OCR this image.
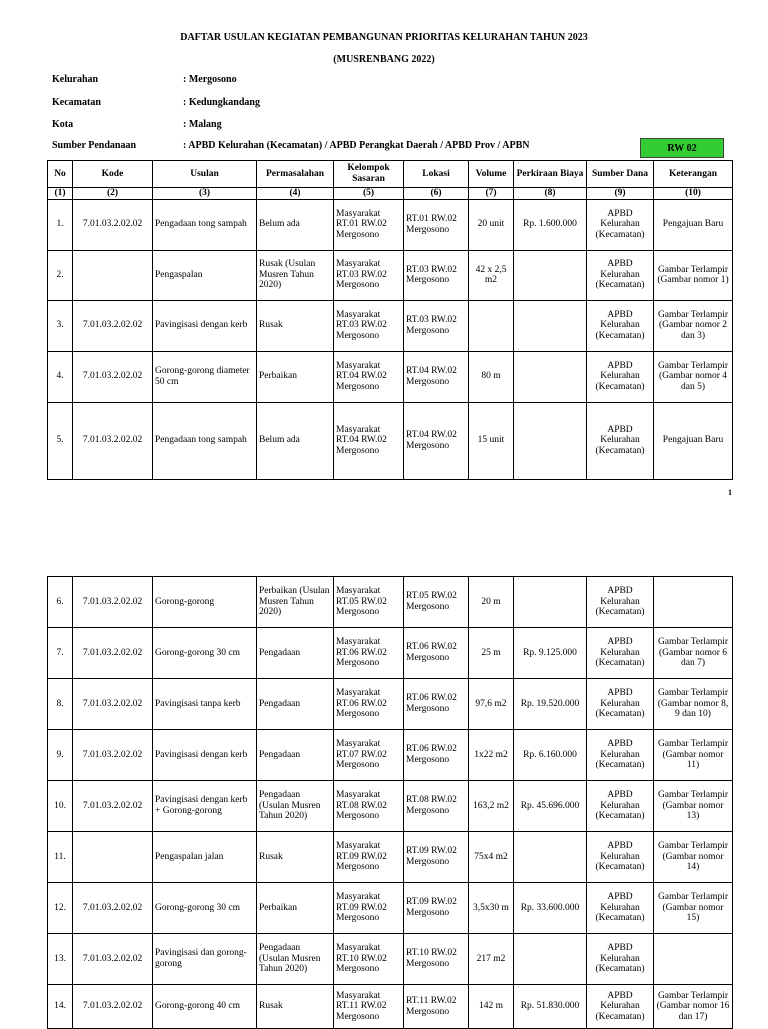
DAFTAR USULAN KEGIATAN PEMBANGUNAN PRIORITAS KELURAHAN TAHUN 2023
(MUSRENBANG 2022)
Kelurahan	: Mergosono
Kecamatan	: Kedungkandang
Kota	: Malang
Sumber Pendanaan	: APBD Kelurahan (Kecamatan) / APBD Perangkat Daerah / APBD Prov / APBN	RW 02
No	Kode	Usulan	Permasalahan	Kelompok Sasaran	Lokasi	Volume	Perkiraan Biaya	Sumber Dana	Keterangan
(1)	(2)	(3)	(4)	(5)	(6)	(7)	(8)	(9)	(10)
1.	7.01.03.2.02.02	Pengadaan tong sampah	Belum ada	Masyarakat RT.01 RW.02 Mergosono	RT.01 RW.02 Mergosono	20 unit	Rp. 1.600.000	APBD Kelurahan (Kecamatan)	Pengajuan Baru
2.		Pengaspalan	Rusak (Usulan Musren Tahun 2020)	Masyarakat RT.03 RW.02 Mergosono	RT.03 RW.02 Mergosono	42 x 2,5 m2		APBD Kelurahan (Kecamatan)	Gambar Terlampir (Gambar nomor 1)
3.	7.01.03.2.02.02	Pavingisasi dengan kerb	Rusak	Masyarakat RT.03 RW.02 Mergosono	RT.03 RW.02 Mergosono			APBD Kelurahan (Kecamatan)	Gambar Terlampir (Gambar nomor 2 dan 3)
4.	7.01.03.2.02.02	Gorong-gorong diameter 50 cm	Perbaikan	Masyarakat RT.04 RW.02 Mergosono	RT.04 RW.02 Mergosono	80 m		APBD Kelurahan (Kecamatan)	Gambar Terlampir (Gambar nomor 4 dan 5)
5.	7.01.03.2.02.02	Pengadaan tong sampah	Belum ada	Masyarakat RT.04 RW.02 Mergosono	RT.04 RW.02 Mergosono	15 unit		APBD Kelurahan (Kecamatan)	Pengajuan Baru
1
6.	7.01.03.2.02.02	Gorong-gorong	Perbaikan (Usulan Musren Tahun 2020)	Masyarakat RT.05 RW.02 Mergosono	RT.05 RW.02 Mergosono	20 m		APBD Kelurahan (Kecamatan)	
7.	7.01.03.2.02.02	Gorong-gorong 30 cm	Pengadaan	Masyarakat RT.06 RW.02 Mergosono	RT.06 RW.02 Mergosono	25 m	Rp. 9.125.000	APBD Kelurahan (Kecamatan)	Gambar Terlampir (Gambar nomor 6 dan 7)
8.	7.01.03.2.02.02	Pavingisasi tanpa kerb	Pengadaan	Masyarakat RT.06 RW.02 Mergosono	RT.06 RW.02 Mergosono	97,6 m2	Rp. 19.520.000	APBD Kelurahan (Kecamatan)	Gambar Terlampir (Gambar nomor 8, 9 dan 10)
9.	7.01.03.2.02.02	Pavingisasi dengan kerb	Pengadaan	Masyarakat RT.07 RW.02 Mergosono	RT.06 RW.02 Mergosono	1x22 m2	Rp. 6.160.000	APBD Kelurahan (Kecamatan)	Gambar Terlampir (Gambar nomor 11)
10.	7.01.03.2.02.02	Pavingisasi dengan kerb + Gorong-gorong	Pengadaan (Usulan Musren Tahun 2020)	Masyarakat RT.08 RW.02 Mergosono	RT.08 RW.02 Mergosono	163,2 m2	Rp. 45.696.000	APBD Kelurahan (Kecamatan)	Gambar Terlampir (Gambar nomor 13)
11.		Pengaspalan jalan	Rusak	Masyarakat RT.09 RW.02 Mergosono	RT.09 RW.02 Mergosono	75x4 m2		APBD Kelurahan (Kecamatan)	Gambar Terlampir (Gambar nomor 14)
12.	7.01.03.2.02.02	Gorong-gorong 30 cm	Perbaikan	Masyarakat RT.09 RW.02 Mergosono	RT.09 RW.02 Mergosono	3,5x30 m	Rp. 33.600.000	APBD Kelurahan (Kecamatan)	Gambar Terlampir (Gambar nomor 15)
13.	7.01.03.2.02.02	Pavingisasi dan gorong-gorong	Pengadaan (Usulan Musren Tahun 2020)	Masyarakat RT.10 RW.02 Mergosono	RT.10 RW.02 Mergosono	217 m2		APBD Kelurahan (Kecamatan)	
14.	7.01.03.2.02.02	Gorong-gorong 40 cm	Rusak	Masyarakat RT.11 RW.02 Mergosono	RT.11 RW.02 Mergosono	142 m	Rp. 51.830.000	APBD Kelurahan (Kecamatan)	Gambar Terlampir (Gambar nomor 16 dan 17)
